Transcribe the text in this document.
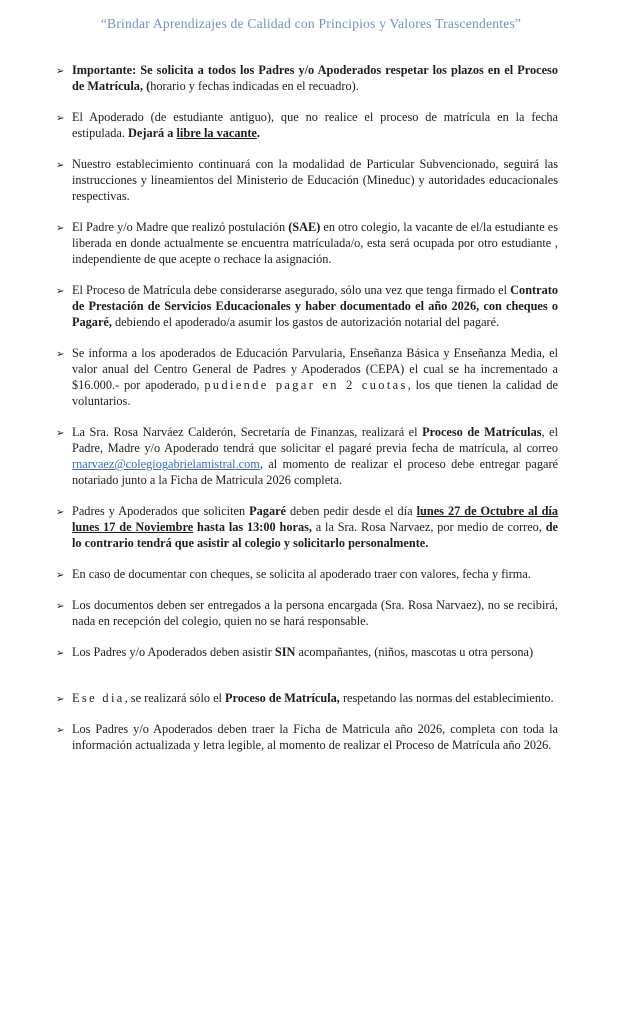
“Brindar Aprendizajes de Calidad con Principios y Valores Trascendentes”
➢ Importante: Se solicita a todos los Padres y/o Apoderados respetar los plazos en el Proceso de Matrícula, (horario y fechas indicadas en el recuadro).
➢ El Apoderado (de estudiante antiguo), que no realice el proceso de matrícula en la fecha estipulada. Dejará a libre la vacante.
➢ Nuestro establecimiento continuará con la modalidad de Particular Subvencionado, seguirá las instrucciones y lineamientos del Ministerio de Educación (Mineduc) y autoridades educacionales respectivas.
➢ El Padre y/o Madre que realizó postulación (SAE) en otro colegio, la vacante de el/la estudiante es liberada en donde actualmente se encuentra matrículada/o, esta será ocupada por otro estudiante , independiente de que acepte o rechace la asignación.
➢ El Proceso de Matrícula debe considerarse asegurado, sólo una vez que tenga firmado el Contrato de Prestación de Servicios Educacionales y haber documentado el año 2026, con cheques o Pagaré, debiendo el apoderado/a asumir los gastos de autorización notarial del pagaré.
➢ Se informa a los apoderados de Educación Parvularia, Enseñanza Básica y Enseñanza Media, el valor anual del Centro General de Padres y Apoderados (CEPA) el cual se ha incrementado a $16.000.- por apoderado, pudiende pagar en 2 cuotas, los que tienen la calidad de voluntarios.
➢ La Sra. Rosa Narváez Calderón, Secretaría de Finanzas, realizará el Proceso de Matrículas, el Padre, Madre y/o Apoderado tendrá que solicitar el pagaré previa fecha de matrícula, al correo rnarvaez@colegiogabrielamistral.com, al momento de realizar el proceso debe entregar pagaré notariado junto a la Ficha de Matricula 2026 completa.
➢ Padres y Apoderados que soliciten Pagaré deben pedir desde el día lunes 27 de Octubre al día lunes 17 de Noviembre hasta las 13:00 horas, a la Sra. Rosa Narvaez, por medio de correo, de lo contrario tendrá que asistir al colegio y solicitarlo personalmente.
➢ En caso de documentar con cheques, se solicita al apoderado traer con valores, fecha y firma.
➢ Los documentos deben ser entregados a la persona encargada (Sra. Rosa Narvaez), no se recibirá, nada en recepción del colegio, quien no se hará responsable.
➢ Los Padres y/o Apoderados deben asistir SIN acompañantes, (niños, mascotas u otra persona)
➢ Ese dia, se realizará sólo el Proceso de Matrícula, respetando las normas del establecimiento.
➢ Los Padres y/o Apoderados deben traer la Ficha de Matricula año 2026, completa con toda la información actualizada y letra legible, al momento de realizar el Proceso de Matrícula año 2026.
